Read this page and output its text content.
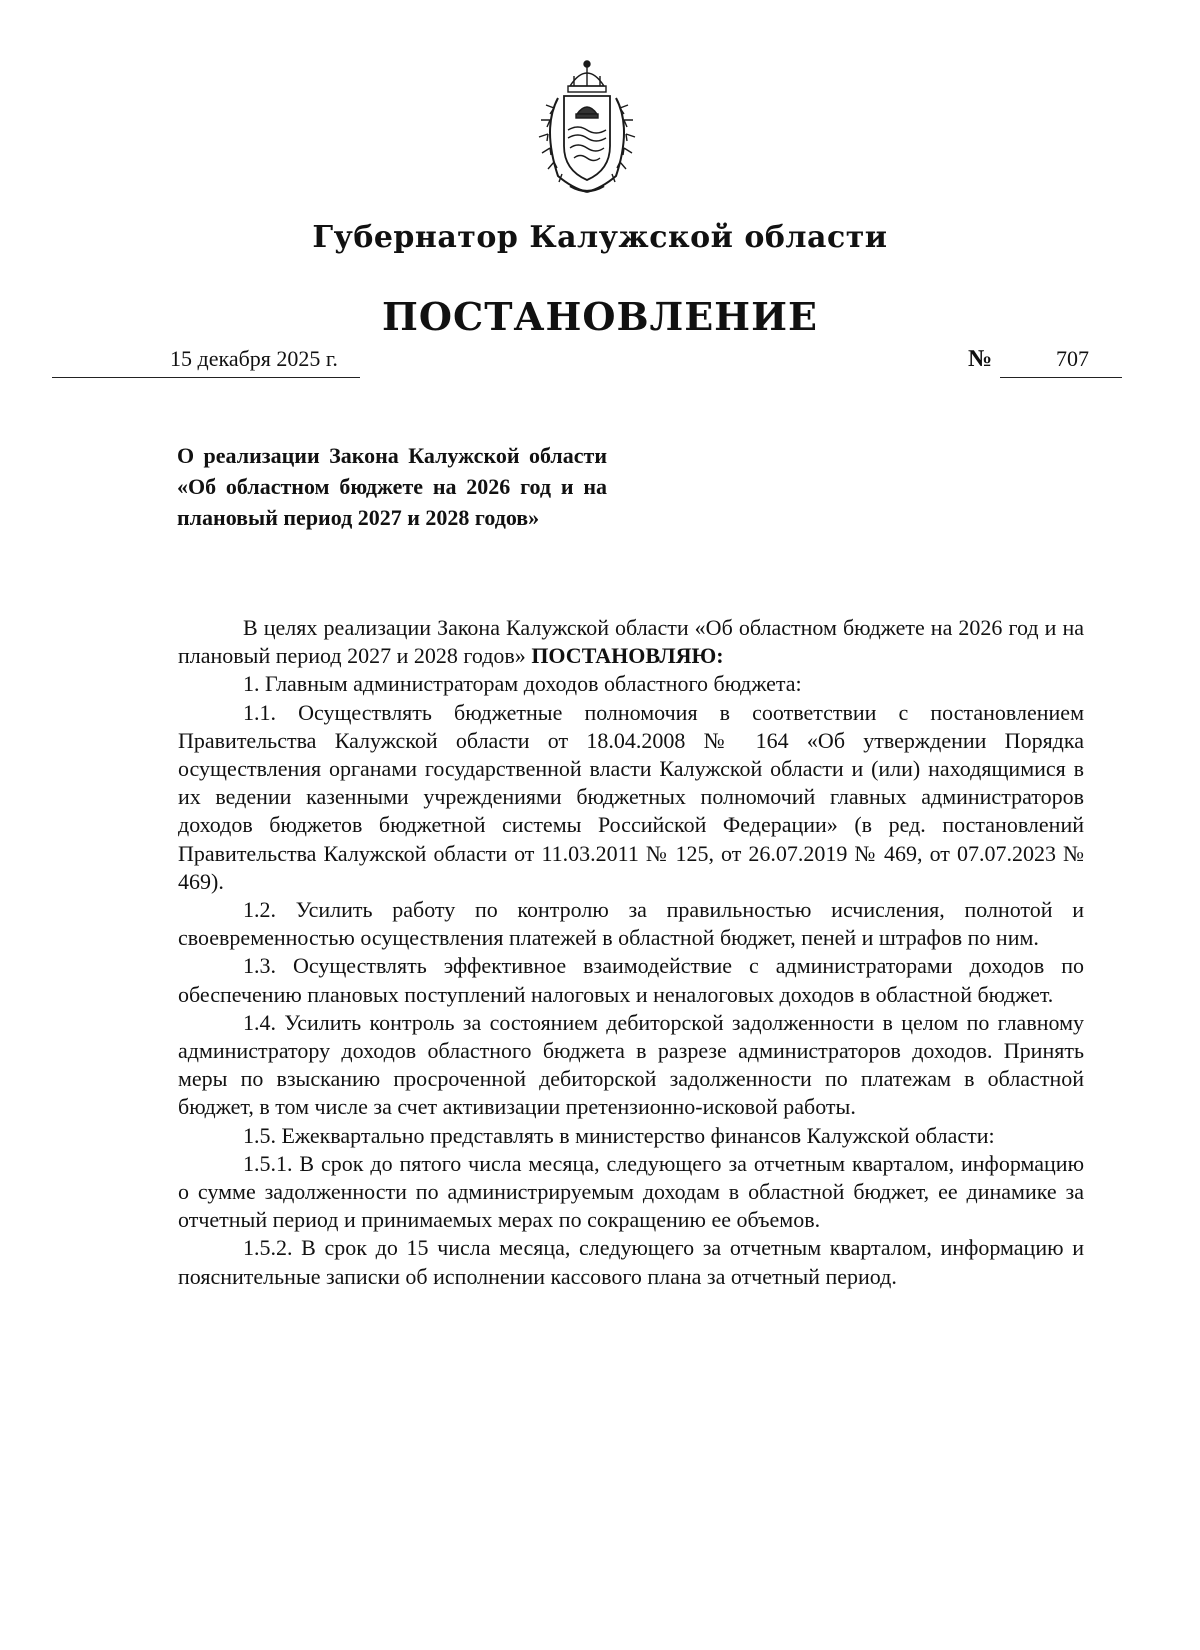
Губернатор Калужской области
ПОСТАНОВЛЕНИЕ
15 декабря 2025 г.	№	707
О реализации Закона Калужской области «Об областном бюджете на 2026 год и на плановый период 2027 и 2028 годов»

В целях реализации Закона Калужской области «Об областном бюджете на 2026 год и на плановый период 2027 и 2028 годов» ПОСТАНОВЛЯЮ:

1. Главным администраторам доходов областного бюджета:

1.1. Осуществлять бюджетные полномочия в соответствии с постановлением Правительства Калужской области от 18.04.2008 № 164 «Об утверждении Порядка осуществления органами государственной власти Калужской области и (или) находящимися в их ведении казенными учреждениями бюджетных полномочий главных администраторов доходов бюджетов бюджетной системы Российской Федерации» (в ред. постановлений Правительства Калужской области от 11.03.2011 № 125, от 26.07.2019 № 469, от 07.07.2023 № 469).

1.2. Усилить работу по контролю за правильностью исчисления, полнотой и своевременностью осуществления платежей в областной бюджет, пеней и штрафов по ним.

1.3. Осуществлять эффективное взаимодействие с администраторами доходов по обеспечению плановых поступлений налоговых и неналоговых доходов в областной бюджет.

1.4. Усилить контроль за состоянием дебиторской задолженности в целом по главному администратору доходов областного бюджета в разрезе администраторов доходов. Принять меры по взысканию просроченной дебиторской задолженности по платежам в областной бюджет, в том числе за счет активизации претензионно-исковой работы.

1.5. Ежеквартально представлять в министерство финансов Калужской области:

1.5.1. В срок до пятого числа месяца, следующего за отчетным кварталом, информацию о сумме задолженности по администрируемым доходам в областной бюджет, ее динамике за отчетный период и принимаемых мерах по сокращению ее объемов.

1.5.2. В срок до 15 числа месяца, следующего за отчетным кварталом, информацию и пояснительные записки об исполнении кассового плана за отчетный период.
